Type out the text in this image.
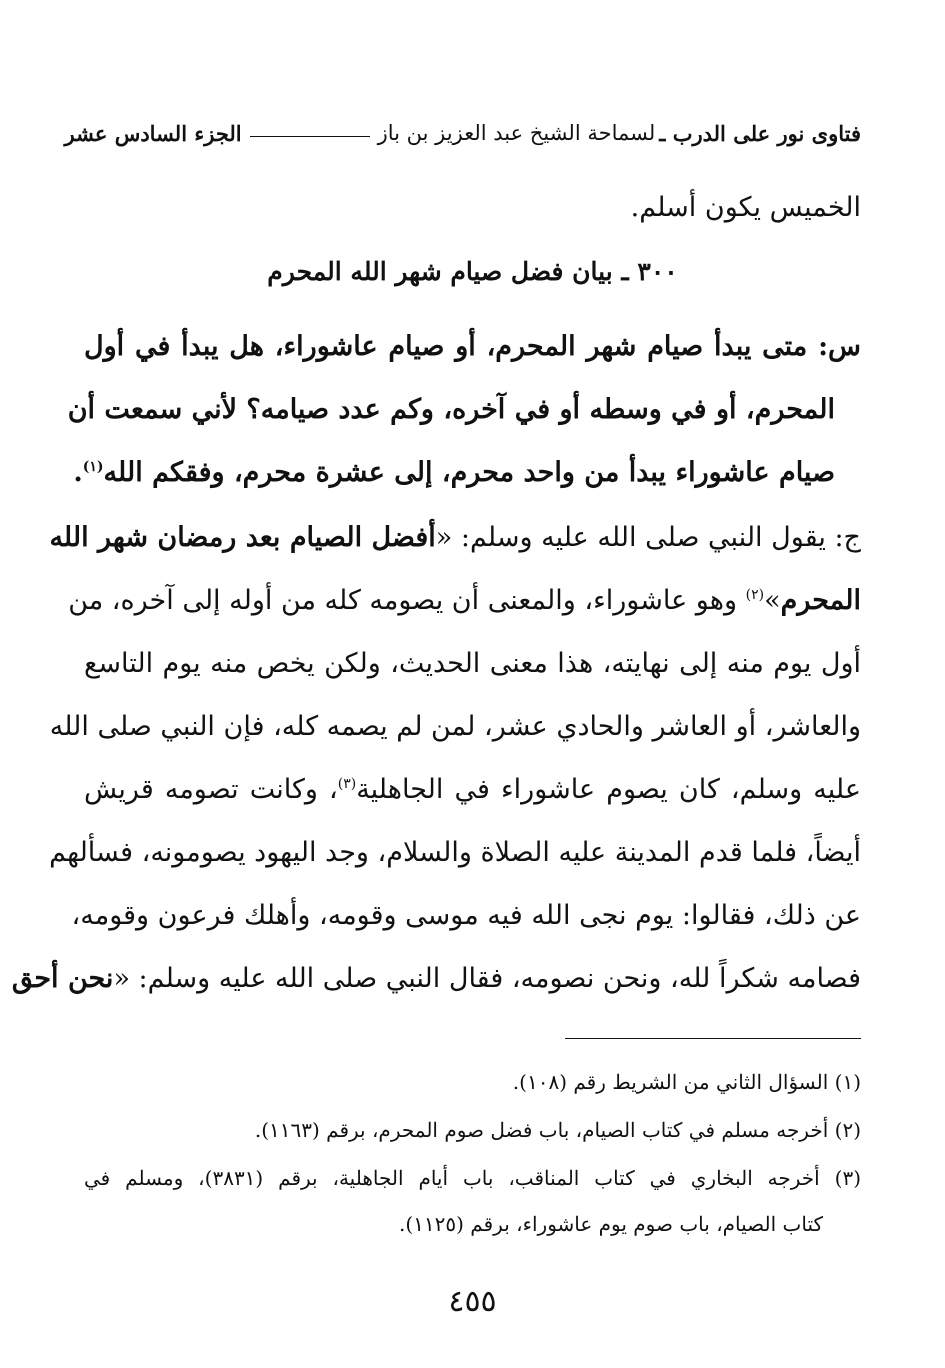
فتاوى نور على الدرب ـ
لسماحة الشيخ عبد العزيز بن باز
الجزء السادس عشر
الخميس يكون أسلم.
٣٠٠ ـ بيان فضل صيام شهر الله المحرم
س: متى يبدأ صيام شهر المحرم، أو صيام عاشوراء، هل يبدأ في أول
المحرم، أو في وسطه أو في آخره، وكم عدد صيامه؟ لأني سمعت أن
صيام عاشوراء يبدأ من واحد محرم، إلى عشرة محرم، وفقكم الله$^{(١)}$.
ج: يقول النبي صلى الله عليه وسلم: «أفضل الصيام بعد رمضان شهر الله
المحرم»$^{(٢)}$ وهو عاشوراء، والمعنى أن يصومه كله من أوله إلى آخره، من
أول يوم منه إلى نهايته، هذا معنى الحديث، ولكن يخص منه يوم التاسع
والعاشر، أو العاشر والحادي عشر، لمن لم يصمه كله، فإن النبي صلى الله
عليه وسلم، كان يصوم عاشوراء في الجاهلية$^{(٣)}$، وكانت تصومه قريش
أيضاً، فلما قدم المدينة عليه الصلاة والسلام، وجد اليهود يصومونه، فسألهم
عن ذلك، فقالوا: يوم نجى الله فيه موسى وقومه، وأهلك فرعون وقومه،
فصامه شكراً لله، ونحن نصومه، فقال النبي صلى الله عليه وسلم: «نحن أحق
(١) السؤال الثاني من الشريط رقم (١٠٨).
(٢) أخرجه مسلم في كتاب الصيام، باب فضل صوم المحرم، برقم (١١٦٣).
(٣) أخرجه البخاري في كتاب المناقب، باب أيام الجاهلية، برقم (٣٨٣١)، ومسلم في
كتاب الصيام، باب صوم يوم عاشوراء، برقم (١١٢٥).
٤٥٥
